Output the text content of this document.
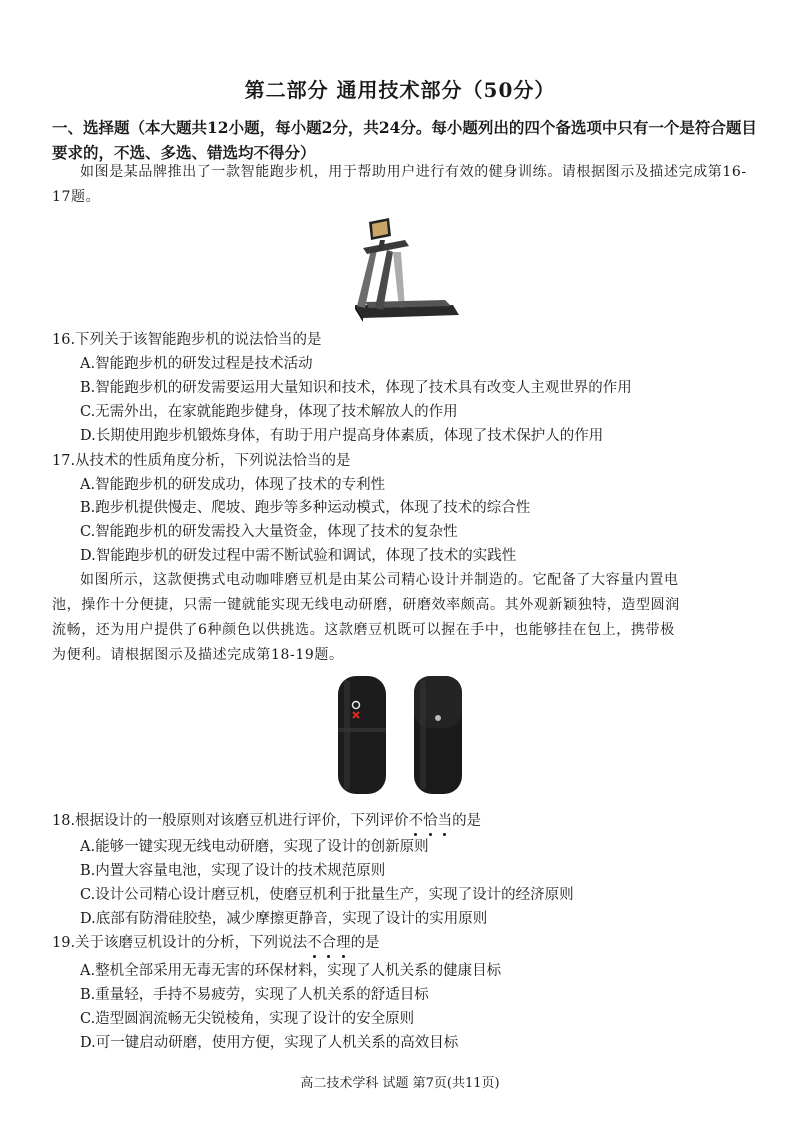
第二部分 通用技术部分（50分）
一、选择题（本大题共12小题，每小题2分，共24分。每小题列出的四个备选项中只有一个是符合题目要求的，不选、多选、错选均不得分）
如图是某品牌推出了一款智能跑步机，用于帮助用户进行有效的健身训练。请根据图示及描述完成第16-17题。
16.下列关于该智能跑步机的说法恰当的是
A.智能跑步机的研发过程是技术活动
B.智能跑步机的研发需要运用大量知识和技术，体现了技术具有改变人主观世界的作用
C.无需外出，在家就能跑步健身，体现了技术解放人的作用
D.长期使用跑步机锻炼身体，有助于用户提高身体素质，体现了技术保护人的作用
17.从技术的性质角度分析，下列说法恰当的是
A.智能跑步机的研发成功，体现了技术的专利性
B.跑步机提供慢走、爬坡、跑步等多种运动模式，体现了技术的综合性
C.智能跑步机的研发需投入大量资金，体现了技术的复杂性
D.智能跑步机的研发过程中需不断试验和调试，体现了技术的实践性
如图所示，这款便携式电动咖啡磨豆机是由某公司精心设计并制造的。它配备了大容量内置电
池，操作十分便捷，只需一键就能实现无线电动研磨，研磨效率颇高。其外观新颖独特，造型圆润
流畅，还为用户提供了6种颜色以供挑选。这款磨豆机既可以握在手中，也能够挂在包上，携带极
为便利。请根据图示及描述完成第18-19题。
18.根据设计的一般原则对该磨豆机进行评价，下列评价不恰当的是
A.能够一键实现无线电动研磨，实现了设计的创新原则
B.内置大容量电池，实现了设计的技术规范原则
C.设计公司精心设计磨豆机，使磨豆机利于批量生产，实现了设计的经济原则
D.底部有防滑硅胶垫，减少摩擦更静音，实现了设计的实用原则
19.关于该磨豆机设计的分析，下列说法不合理的是
A.整机全部采用无毒无害的环保材料，实现了人机关系的健康目标
B.重量轻，手持不易疲劳，实现了人机关系的舒适目标
C.造型圆润流畅无尖锐棱角，实现了设计的安全原则
D.可一键启动研磨，使用方便，实现了人机关系的高效目标
高二技术学科 试题 第7页(共11页)
